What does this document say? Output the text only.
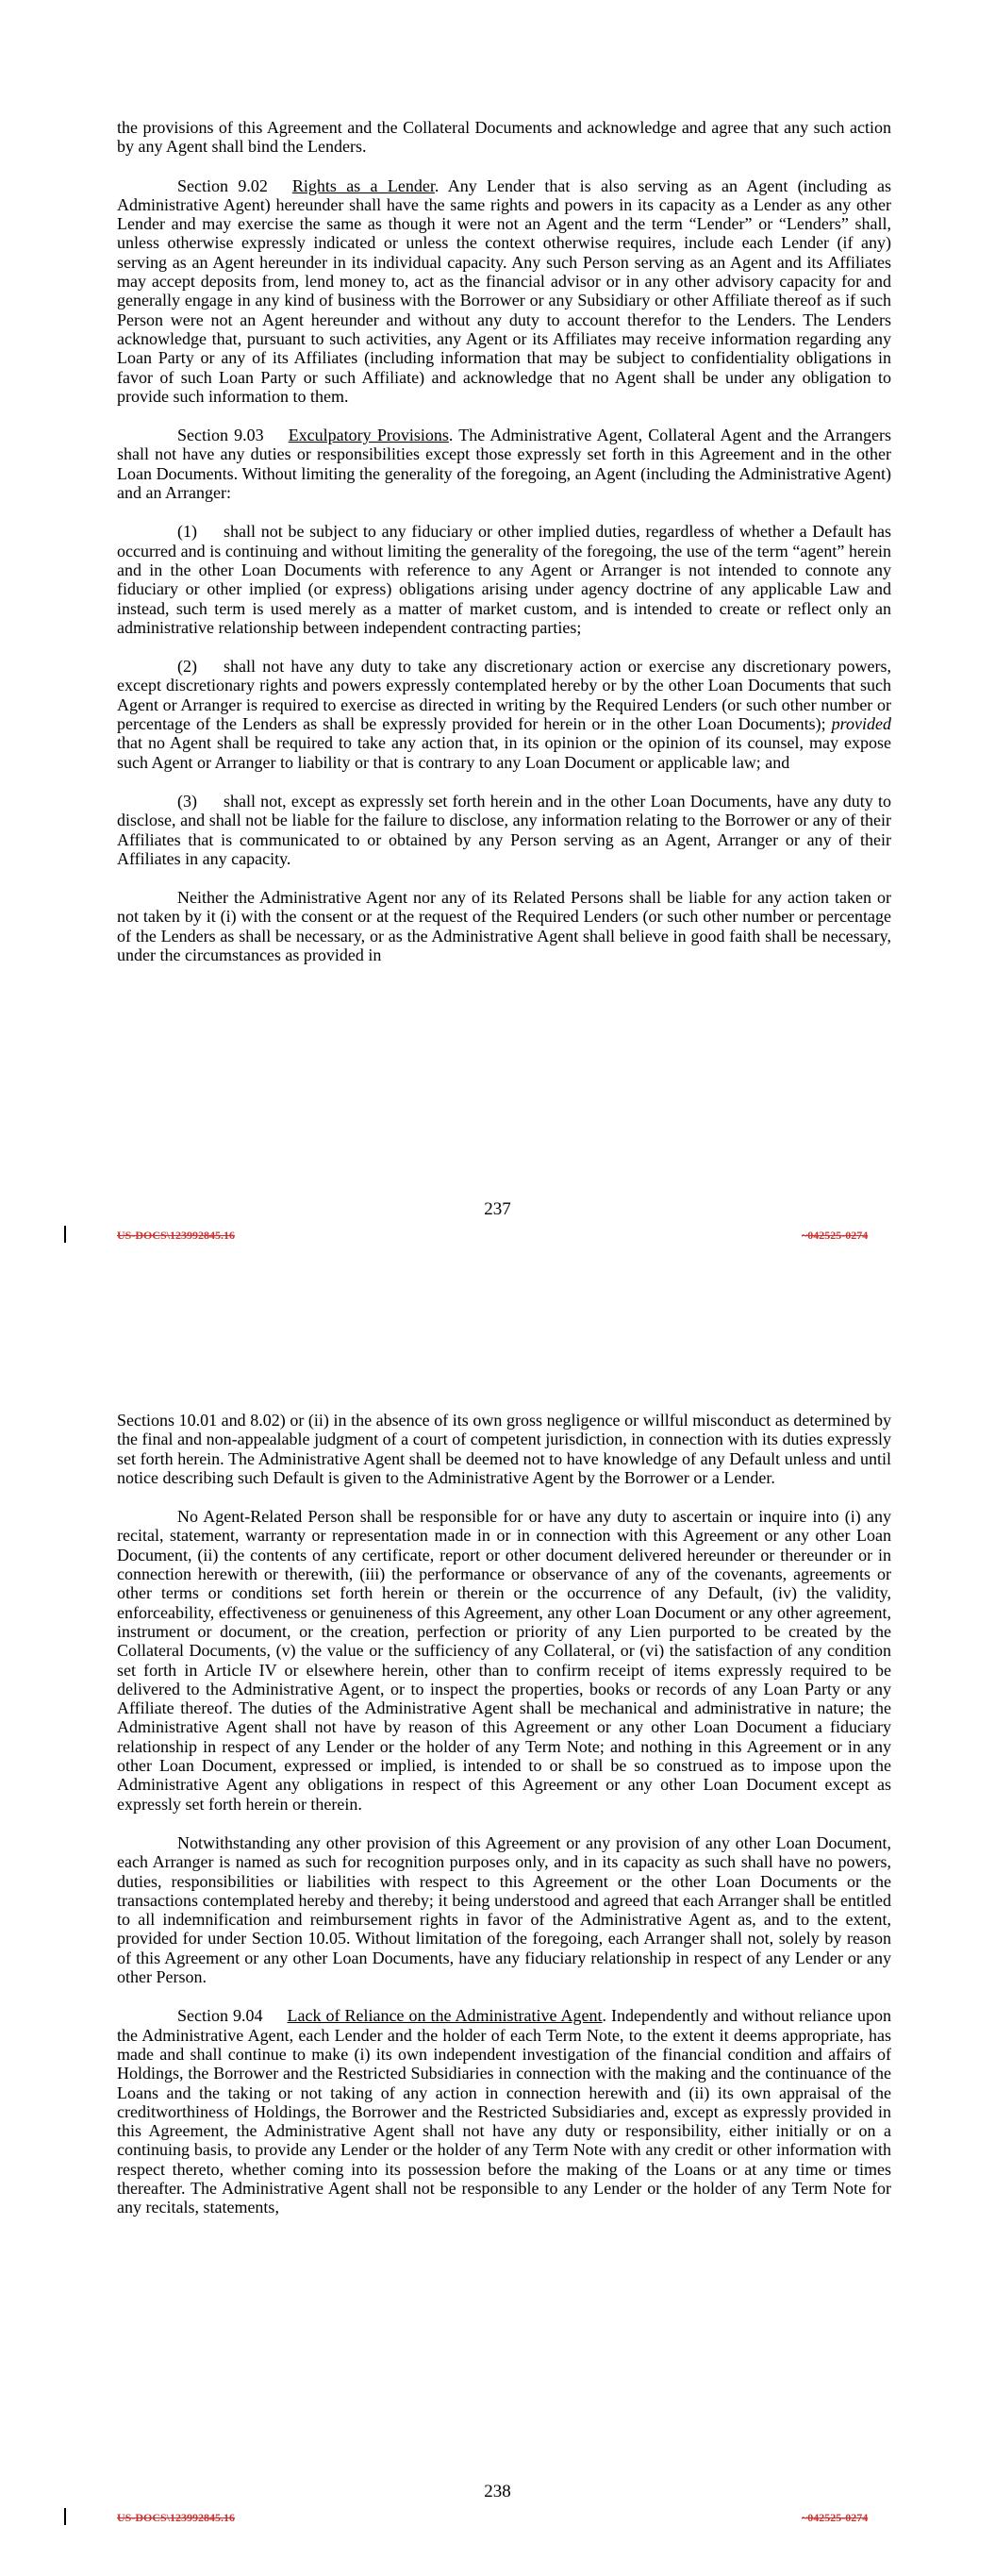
the provisions of this Agreement and the Collateral Documents and acknowledge and agree that any such action by any Agent shall bind the Lenders.

Section 9.02 Rights as a Lender. Any Lender that is also serving as an Agent (including as Administrative Agent) hereunder shall have the same rights and powers in its capacity as a Lender as any other Lender and may exercise the same as though it were not an Agent and the term “Lender” or “Lenders” shall, unless otherwise expressly indicated or unless the context otherwise requires, include each Lender (if any) serving as an Agent hereunder in its individual capacity. Any such Person serving as an Agent and its Affiliates may accept deposits from, lend money to, act as the financial advisor or in any other advisory capacity for and generally engage in any kind of business with the Borrower or any Subsidiary or other Affiliate thereof as if such Person were not an Agent hereunder and without any duty to account therefor to the Lenders. The Lenders acknowledge that, pursuant to such activities, any Agent or its Affiliates may receive information regarding any Loan Party or any of its Affiliates (including information that may be subject to confidentiality obligations in favor of such Loan Party or such Affiliate) and acknowledge that no Agent shall be under any obligation to provide such information to them.

Section 9.03 Exculpatory Provisions. The Administrative Agent, Collateral Agent and the Arrangers shall not have any duties or responsibilities except those expressly set forth in this Agreement and in the other Loan Documents. Without limiting the generality of the foregoing, an Agent (including the Administrative Agent) and an Arranger:

(1) shall not be subject to any fiduciary or other implied duties, regardless of whether a Default has occurred and is continuing and without limiting the generality of the foregoing, the use of the term “agent” herein and in the other Loan Documents with reference to any Agent or Arranger is not intended to connote any fiduciary or other implied (or express) obligations arising under agency doctrine of any applicable Law and instead, such term is used merely as a matter of market custom, and is intended to create or reflect only an administrative relationship between independent contracting parties;

(2) shall not have any duty to take any discretionary action or exercise any discretionary powers, except discretionary rights and powers expressly contemplated hereby or by the other Loan Documents that such Agent or Arranger is required to exercise as directed in writing by the Required Lenders (or such other number or percentage of the Lenders as shall be expressly provided for herein or in the other Loan Documents); provided that no Agent shall be required to take any action that, in its opinion or the opinion of its counsel, may expose such Agent or Arranger to liability or that is contrary to any Loan Document or applicable law; and

(3) shall not, except as expressly set forth herein and in the other Loan Documents, have any duty to disclose, and shall not be liable for the failure to disclose, any information relating to the Borrower or any of their Affiliates that is communicated to or obtained by any Person serving as an Agent, Arranger or any of their Affiliates in any capacity.

Neither the Administrative Agent nor any of its Related Persons shall be liable for any action taken or not taken by it (i) with the consent or at the request of the Required Lenders (or such other number or percentage of the Lenders as shall be necessary, or as the Administrative Agent shall believe in good faith shall be necessary, under the circumstances as provided in

237
US-DOCS\123992845.16	~042525-0274

Sections 10.01 and 8.02) or (ii) in the absence of its own gross negligence or willful misconduct as determined by the final and non-appealable judgment of a court of competent jurisdiction, in connection with its duties expressly set forth herein. The Administrative Agent shall be deemed not to have knowledge of any Default unless and until notice describing such Default is given to the Administrative Agent by the Borrower or a Lender.

No Agent-Related Person shall be responsible for or have any duty to ascertain or inquire into (i) any recital, statement, warranty or representation made in or in connection with this Agreement or any other Loan Document, (ii) the contents of any certificate, report or other document delivered hereunder or thereunder or in connection herewith or therewith, (iii) the performance or observance of any of the covenants, agreements or other terms or conditions set forth herein or therein or the occurrence of any Default, (iv) the validity, enforceability, effectiveness or genuineness of this Agreement, any other Loan Document or any other agreement, instrument or document, or the creation, perfection or priority of any Lien purported to be created by the Collateral Documents, (v) the value or the sufficiency of any Collateral, or (vi) the satisfaction of any condition set forth in Article IV or elsewhere herein, other than to confirm receipt of items expressly required to be delivered to the Administrative Agent, or to inspect the properties, books or records of any Loan Party or any Affiliate thereof. The duties of the Administrative Agent shall be mechanical and administrative in nature; the Administrative Agent shall not have by reason of this Agreement or any other Loan Document a fiduciary relationship in respect of any Lender or the holder of any Term Note; and nothing in this Agreement or in any other Loan Document, expressed or implied, is intended to or shall be so construed as to impose upon the Administrative Agent any obligations in respect of this Agreement or any other Loan Document except as expressly set forth herein or therein.

Notwithstanding any other provision of this Agreement or any provision of any other Loan Document, each Arranger is named as such for recognition purposes only, and in its capacity as such shall have no powers, duties, responsibilities or liabilities with respect to this Agreement or the other Loan Documents or the transactions contemplated hereby and thereby; it being understood and agreed that each Arranger shall be entitled to all indemnification and reimbursement rights in favor of the Administrative Agent as, and to the extent, provided for under Section 10.05. Without limitation of the foregoing, each Arranger shall not, solely by reason of this Agreement or any other Loan Documents, have any fiduciary relationship in respect of any Lender or any other Person.

Section 9.04 Lack of Reliance on the Administrative Agent. Independently and without reliance upon the Administrative Agent, each Lender and the holder of each Term Note, to the extent it deems appropriate, has made and shall continue to make (i) its own independent investigation of the financial condition and affairs of Holdings, the Borrower and the Restricted Subsidiaries in connection with the making and the continuance of the Loans and the taking or not taking of any action in connection herewith and (ii) its own appraisal of the creditworthiness of Holdings, the Borrower and the Restricted Subsidiaries and, except as expressly provided in this Agreement, the Administrative Agent shall not have any duty or responsibility, either initially or on a continuing basis, to provide any Lender or the holder of any Term Note with any credit or other information with respect thereto, whether coming into its possession before the making of the Loans or at any time or times thereafter. The Administrative Agent shall not be responsible to any Lender or the holder of any Term Note for any recitals, statements,

238
US-DOCS\123992845.16	~042525-0274
